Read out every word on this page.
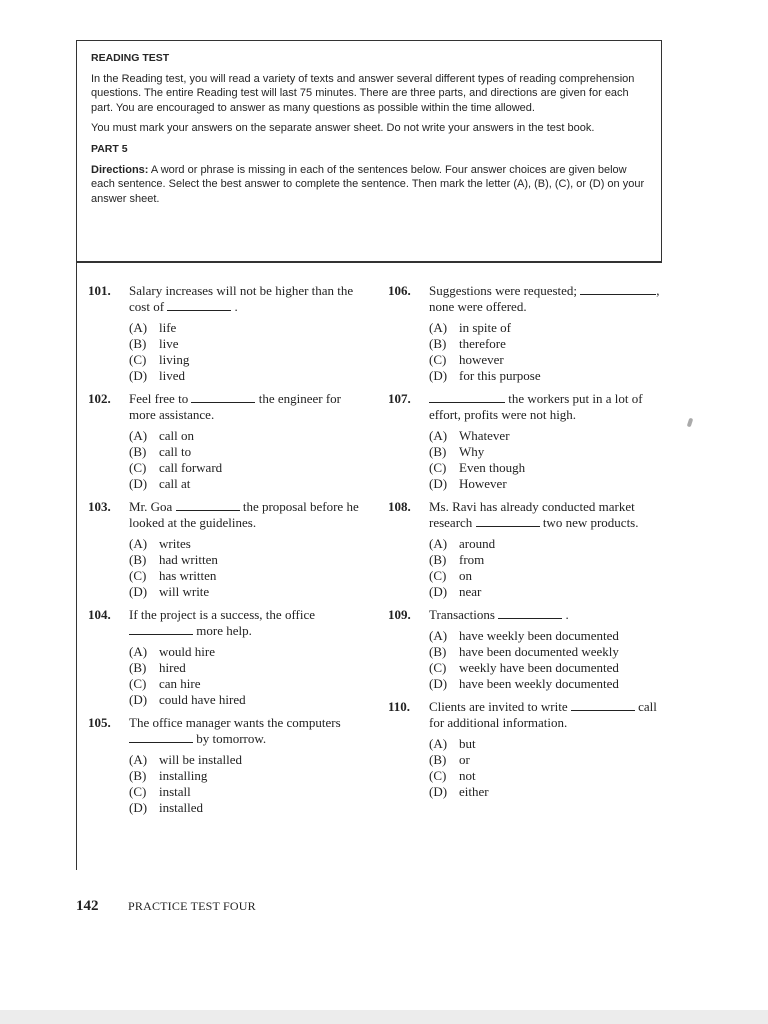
READING TEST

In the Reading test, you will read a variety of texts and answer several different types of reading comprehension questions. The entire Reading test will last 75 minutes. There are three parts, and directions are given for each part. You are encouraged to answer as many questions as possible within the time allowed.

You must mark your answers on the separate answer sheet. Do not write your answers in the test book.

PART 5

Directions: A word or phrase is missing in each of the sentences below. Four answer choices are given below each sentence. Select the best answer to complete the sentence. Then mark the letter (A), (B), (C), or (D) on your answer sheet.

101.	Salary increases will not be higher than the cost of	.
(A) life
(B) live
(C) living
(D) lived
102.	Feel free to	the engineer for more assistance.
(A) call on
(B) call to
(C) call forward
(D) call at
103.	Mr. Goa	the proposal before he looked at the guidelines.
(A) writes
(B) had written
(C) has written
(D) will write
104.	If the project is a success, the office  more help.
(A) would hire
(B) hired
(C) can hire
(D) could have hired
105.	The office manager wants the computers  by tomorrow.
(A) will be installed
(B) installing
(C) install
(D) installed
106.	Suggestions were requested;	, none were offered.
(A) in spite of
(B) therefore
(C) however
(D) for this purpose
107.	the workers put in a lot of effort, profits were not high.
(A) Whatever
(B) Why
(C) Even though
(D) However
108.	Ms. Ravi has already conducted market research	two new products.
(A) around
(B) from
(C) on
(D) near
109.	Transactions	.
(A) have weekly been documented
(B) have been documented weekly
(C) weekly have been documented
(D) have been weekly documented
110.	Clients are invited to write	call for additional information.
(A) but
(B) or
(C) not
(D) either
142	PRACTICE TEST FOUR
